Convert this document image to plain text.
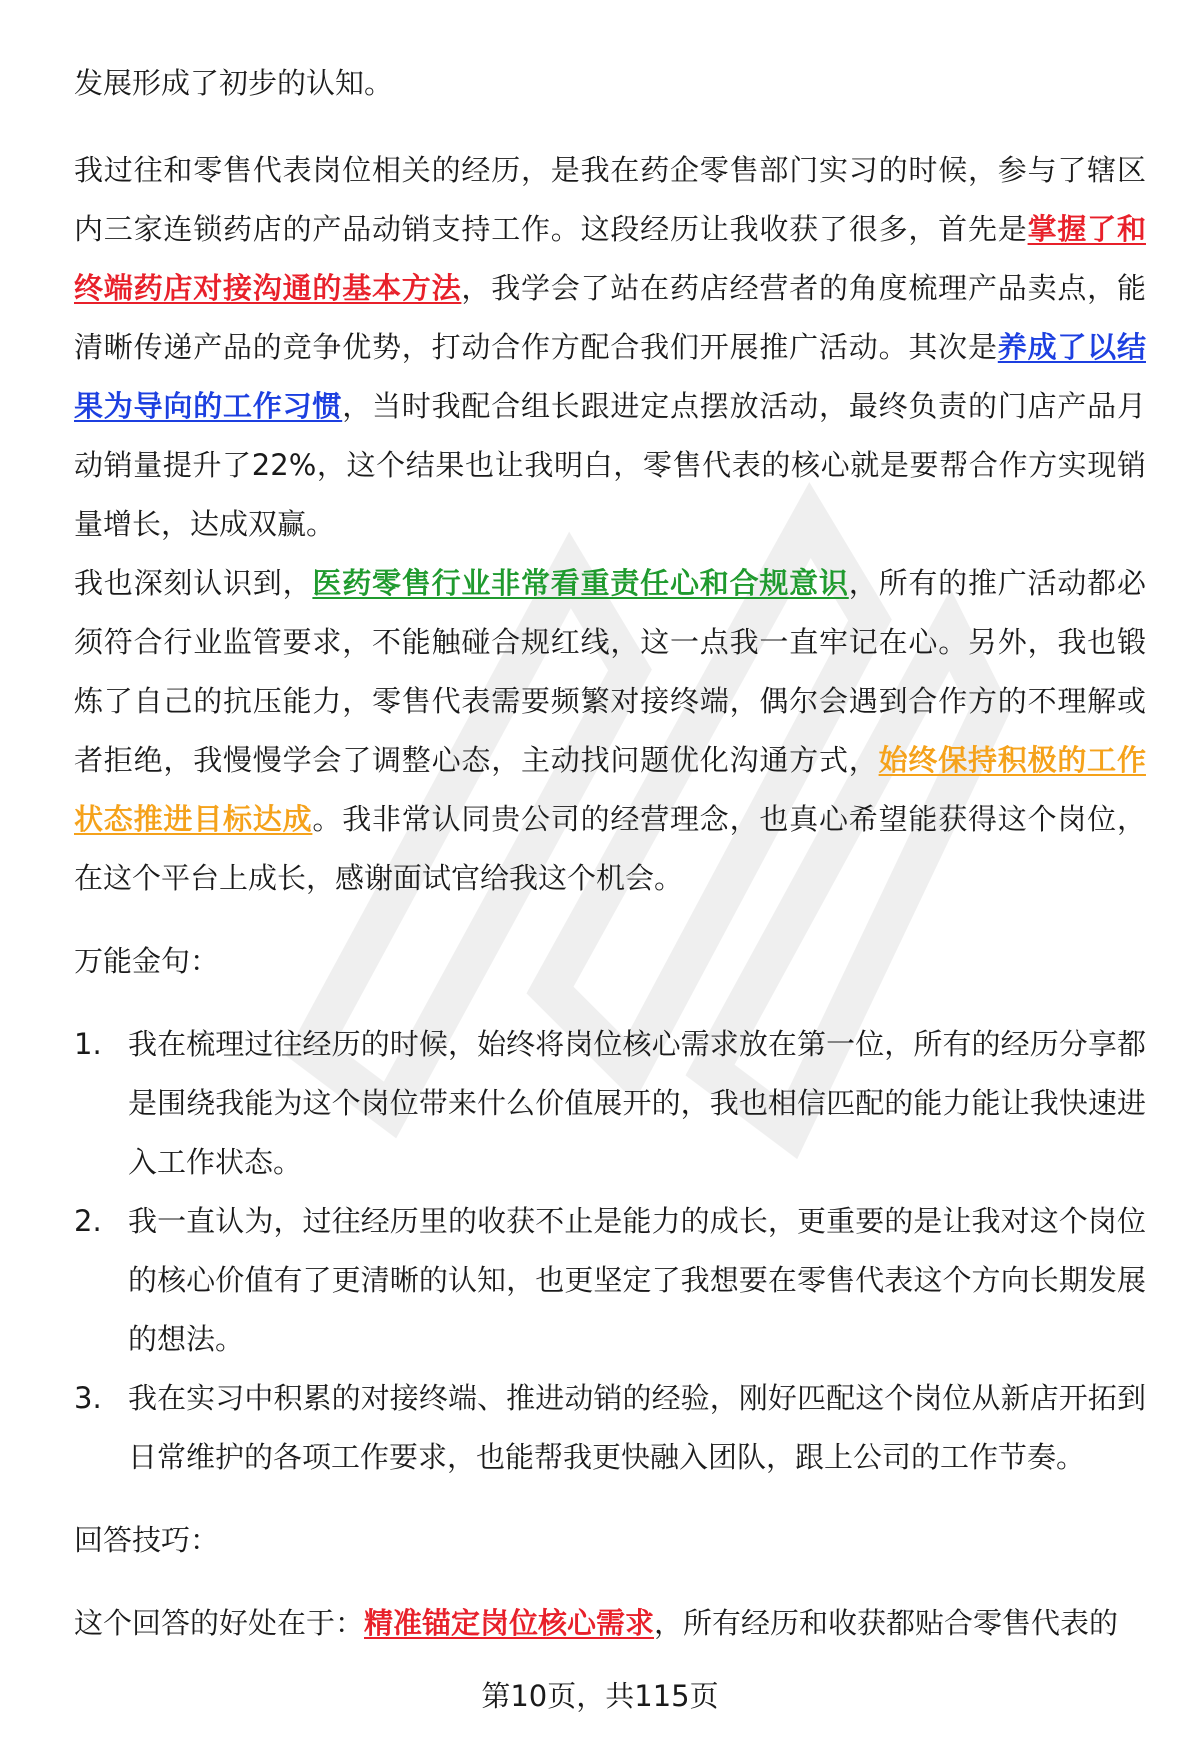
发展形成了初步的认知。

我过往和零售代表岗位相关的经历，是我在药企零售部门实习的时候，参与了辖区内三家连锁药店的产品动销支持工作。这段经历让我收获了很多，首先是掌握了和终端药店对接沟通的基本方法，我学会了站在药店经营者的角度梳理产品卖点，能清晰传递产品的竞争优势，打动合作方配合我们开展推广活动。其次是养成了以结果为导向的工作习惯，当时我配合组长跟进定点摆放活动，最终负责的门店产品月动销量提升了22%，这个结果也让我明白，零售代表的核心就是要帮合作方实现销量增长，达成双赢。

我也深刻认识到，医药零售行业非常看重责任心和合规意识，所有的推广活动都必须符合行业监管要求，不能触碰合规红线，这一点我一直牢记在心。另外，我也锻炼了自己的抗压能力，零售代表需要频繁对接终端，偶尔会遇到合作方的不理解或者拒绝，我慢慢学会了调整心态，主动找问题优化沟通方式，始终保持积极的工作状态推进目标达成。我非常认同贵公司的经营理念，也真心希望能获得这个岗位，在这个平台上成长，感谢面试官给我这个机会。

万能金句：

1. 我在梳理过往经历的时候，始终将岗位核心需求放在第一位，所有的经历分享都是围绕我能为这个岗位带来什么价值展开的，我也相信匹配的能力能让我快速进入工作状态。
2. 我一直认为，过往经历里的收获不止是能力的成长，更重要的是让我对这个岗位的核心价值有了更清晰的认知，也更坚定了我想要在零售代表这个方向长期发展的想法。
3. 我在实习中积累的对接终端、推进动销的经验，刚好匹配这个岗位从新店开拓到日常维护的各项工作要求，也能帮我更快融入团队，跟上公司的工作节奏。

回答技巧：

这个回答的好处在于：精准锚定岗位核心需求，所有经历和收获都贴合零售代表的

第10页，共115页
